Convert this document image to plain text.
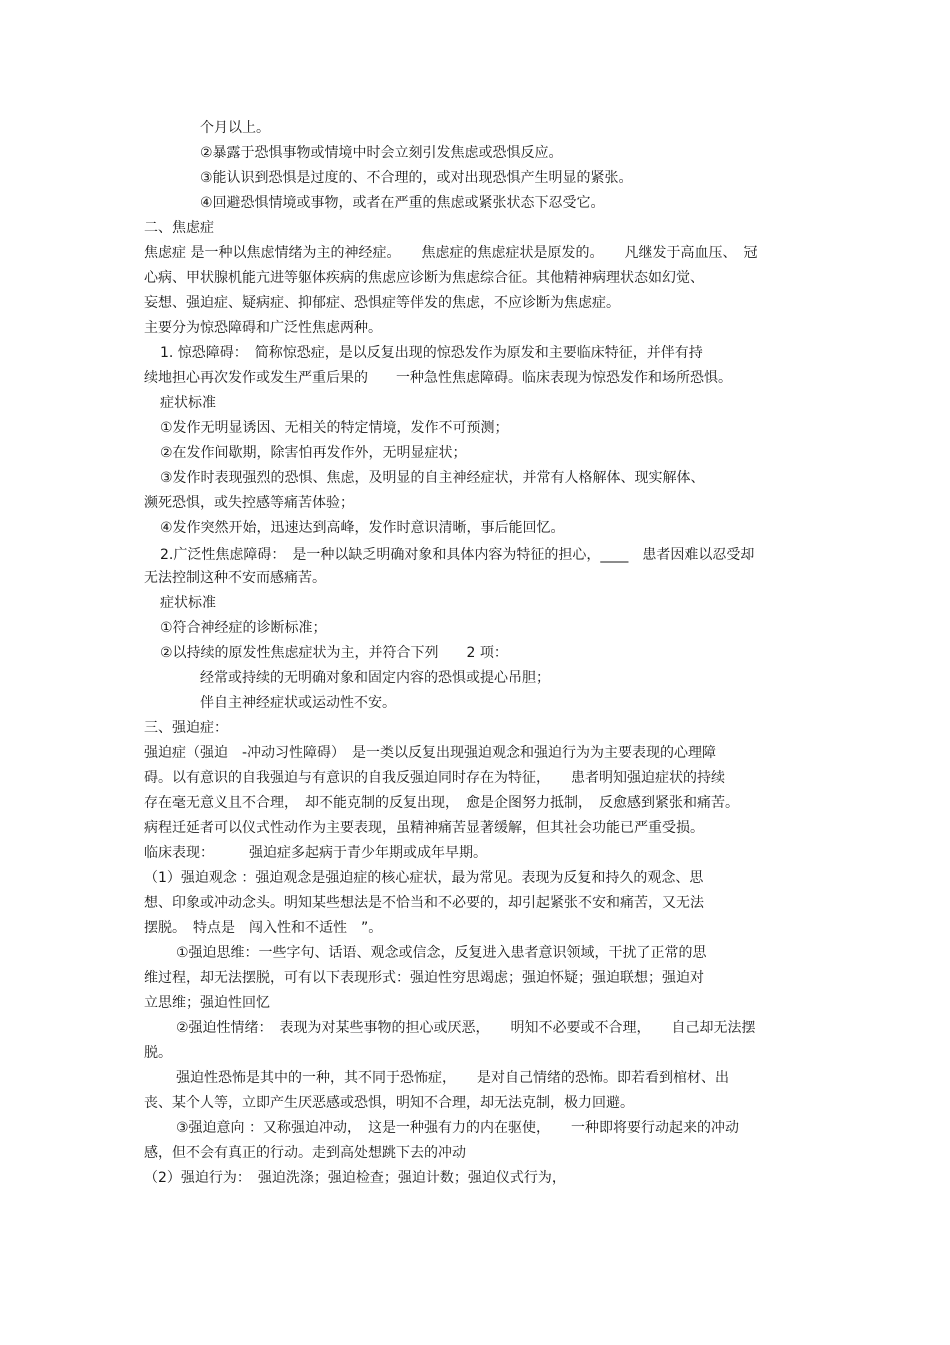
个月以上。
②暴露于恐惧事物或情境中时会立刻引发焦虑或恐惧反应。
③能认识到恐惧是过度的、不合理的，或对出现恐惧产生明显的紧张。
④回避恐惧情境或事物，或者在严重的焦虑或紧张状态下忍受它。
二、焦虑症
焦虑症 是一种以焦虑情绪为主的神经症。　　焦虑症的焦虑症状是原发的。　　凡继发于高血压、　冠
心病、甲状腺机能亢进等躯体疾病的焦虑应诊断为焦虑综合征。其他精神病理状态如幻觉、
妄想、强迫症、疑病症、抑郁症、恐惧症等伴发的焦虑，不应诊断为焦虑症。
主要分为惊恐障碍和广泛性焦虑两种。
1. 惊恐障碍：　简称惊恐症，是以反复出现的惊恐发作为原发和主要临床特征，并伴有持
续地担心再次发作或发生严重后果的　　一种急性焦虑障碍。临床表现为惊恐发作和场所恐惧。
症状标准
①发作无明显诱因、无相关的特定情境，发作不可预测；
②在发作间歇期，除害怕再发作外，无明显症状；
③发作时表现强烈的恐惧、焦虑，及明显的自主神经症状，并常有人格解体、现实解体、
濒死恐惧，或失控感等痛苦体验；
④发作突然开始，迅速达到高峰，发作时意识清晰，事后能回忆。
2.广泛性焦虑障碍：　是一种以缺乏明确对象和具体内容为特征的担心，____　患者因难以忍受却
无法控制这种不安而感痛苦。
症状标准
①符合神经症的诊断标准；
②以持续的原发性焦虑症状为主，并符合下列　　2 项：
经常或持续的无明确对象和固定内容的恐惧或提心吊胆；
伴自主神经症状或运动性不安。
三、强迫症：
强迫症（强迫　-冲动习性障碍）　是一类以反复出现强迫观念和强迫行为为主要表现的心理障
碍。以有意识的自我强迫与有意识的自我反强迫同时存在为特征，　　患者明知强迫症状的持续
存在毫无意义且不合理，　却不能克制的反复出现，　愈是企图努力抵制，　反愈感到紧张和痛苦。
病程迁延者可以仪式性动作为主要表现，虽精神痛苦显著缓解，但其社会功能已严重受损。
临床表现：　　　强迫症多起病于青少年期或成年早期。
（1）强迫观念 ：强迫观念是强迫症的核心症状，最为常见。表现为反复和持久的观念、思
想、印象或冲动念头。明知某些想法是不恰当和不必要的，却引起紧张不安和痛苦，又无法
摆脱。　特点是　闯入性和不适性　”。
①强迫思维：一些字句、话语、观念或信念，反复进入患者意识领域，干扰了正常的思
维过程，却无法摆脱，可有以下表现形式：强迫性穷思竭虑；强迫怀疑；强迫联想；强迫对
立思维；强迫性回忆
②强迫性情绪：　表现为对某些事物的担心或厌恶，　　明知不必要或不合理，　　自己却无法摆
脱。
强迫性恐怖是其中的一种，其不同于恐怖症，　　是对自己情绪的恐怖。即若看到棺材、出
丧、某个人等，立即产生厌恶感或恐惧，明知不合理，却无法克制，极力回避。
③强迫意向 ：又称强迫冲动，　这是一种强有力的内在驱使，　　一种即将要行动起来的冲动
感，但不会有真正的行动。走到高处想跳下去的冲动
（2）强迫行为：　强迫洗涤；强迫检查；强迫计数；强迫仪式行为，
